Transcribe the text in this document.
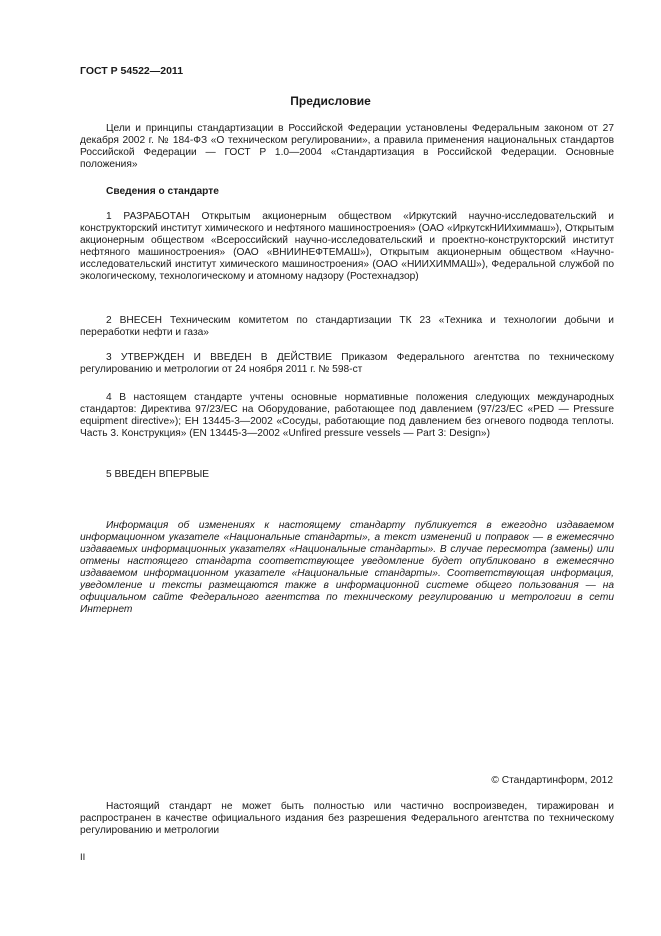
ГОСТ Р 54522—2011
Предисловие

Цели и принципы стандартизации в Российской Федерации установлены Федеральным законом от 27 декабря 2002 г. № 184-ФЗ «О техническом регулировании», а правила применения национальных стандартов Российской Федерации — ГОСТ Р 1.0—2004 «Стандартизация в Российской Федерации. Основные положения»

Сведения о стандарте

1 РАЗРАБОТАН Открытым акционерным обществом «Иркутский научно-исследовательский и конструкторский институт химического и нефтяного машиностроения» (ОАО «ИркутскНИИхиммаш»), Открытым акционерным обществом «Всероссийский научно-исследовательский и проектно-конструкторский институт нефтяного машиностроения» (ОАО «ВНИИНЕФТЕМАШ»), Открытым акционерным обществом «Научно-исследовательский институт химического машиностроения» (ОАО «НИИХИММАШ»), Федеральной службой по экологическому, технологическому и атомному надзору (Ростехнадзор)

2 ВНЕСЕН Техническим комитетом по стандартизации ТК 23 «Техника и технологии добычи и переработки нефти и газа»

3 УТВЕРЖДЕН И ВВЕДЕН В ДЕЙСТВИЕ Приказом Федерального агентства по техническому регулированию и метрологии от 24 ноября 2011 г. № 598-ст

4 В настоящем стандарте учтены основные нормативные положения следующих международных стандартов: Директива 97/23/ЕС на Оборудование, работающее под давлением (97/23/EC «PED — Pressure equipment directive»); ЕН 13445-3—2002 «Сосуды, работающие под давлением без огневого подвода теплоты. Часть 3. Конструкция» (EN 13445-3—2002 «Unfired pressure vessels — Part 3: Design»)

5 ВВЕДЕН ВПЕРВЫЕ

Информация об изменениях к настоящему стандарту публикуется в ежегодно издаваемом информационном указателе «Национальные стандарты», а текст изменений и поправок — в ежемесячно издаваемых информационных указателях «Национальные стандарты». В случае пересмотра (замены) или отмены настоящего стандарта соответствующее уведомление будет опубликовано в ежемесячно издаваемом информационном указателе «Национальные стандарты». Соответствующая информация, уведомление и тексты размещаются также в информационной системе общего пользования — на официальном сайте Федерального агентства по техническому регулированию и метрологии в сети Интернет

© Стандартинформ, 2012

Настоящий стандарт не может быть полностью или частично воспроизведен, тиражирован и распространен в качестве официального издания без разрешения Федерального агентства по техническому регулированию и метрологии

II
